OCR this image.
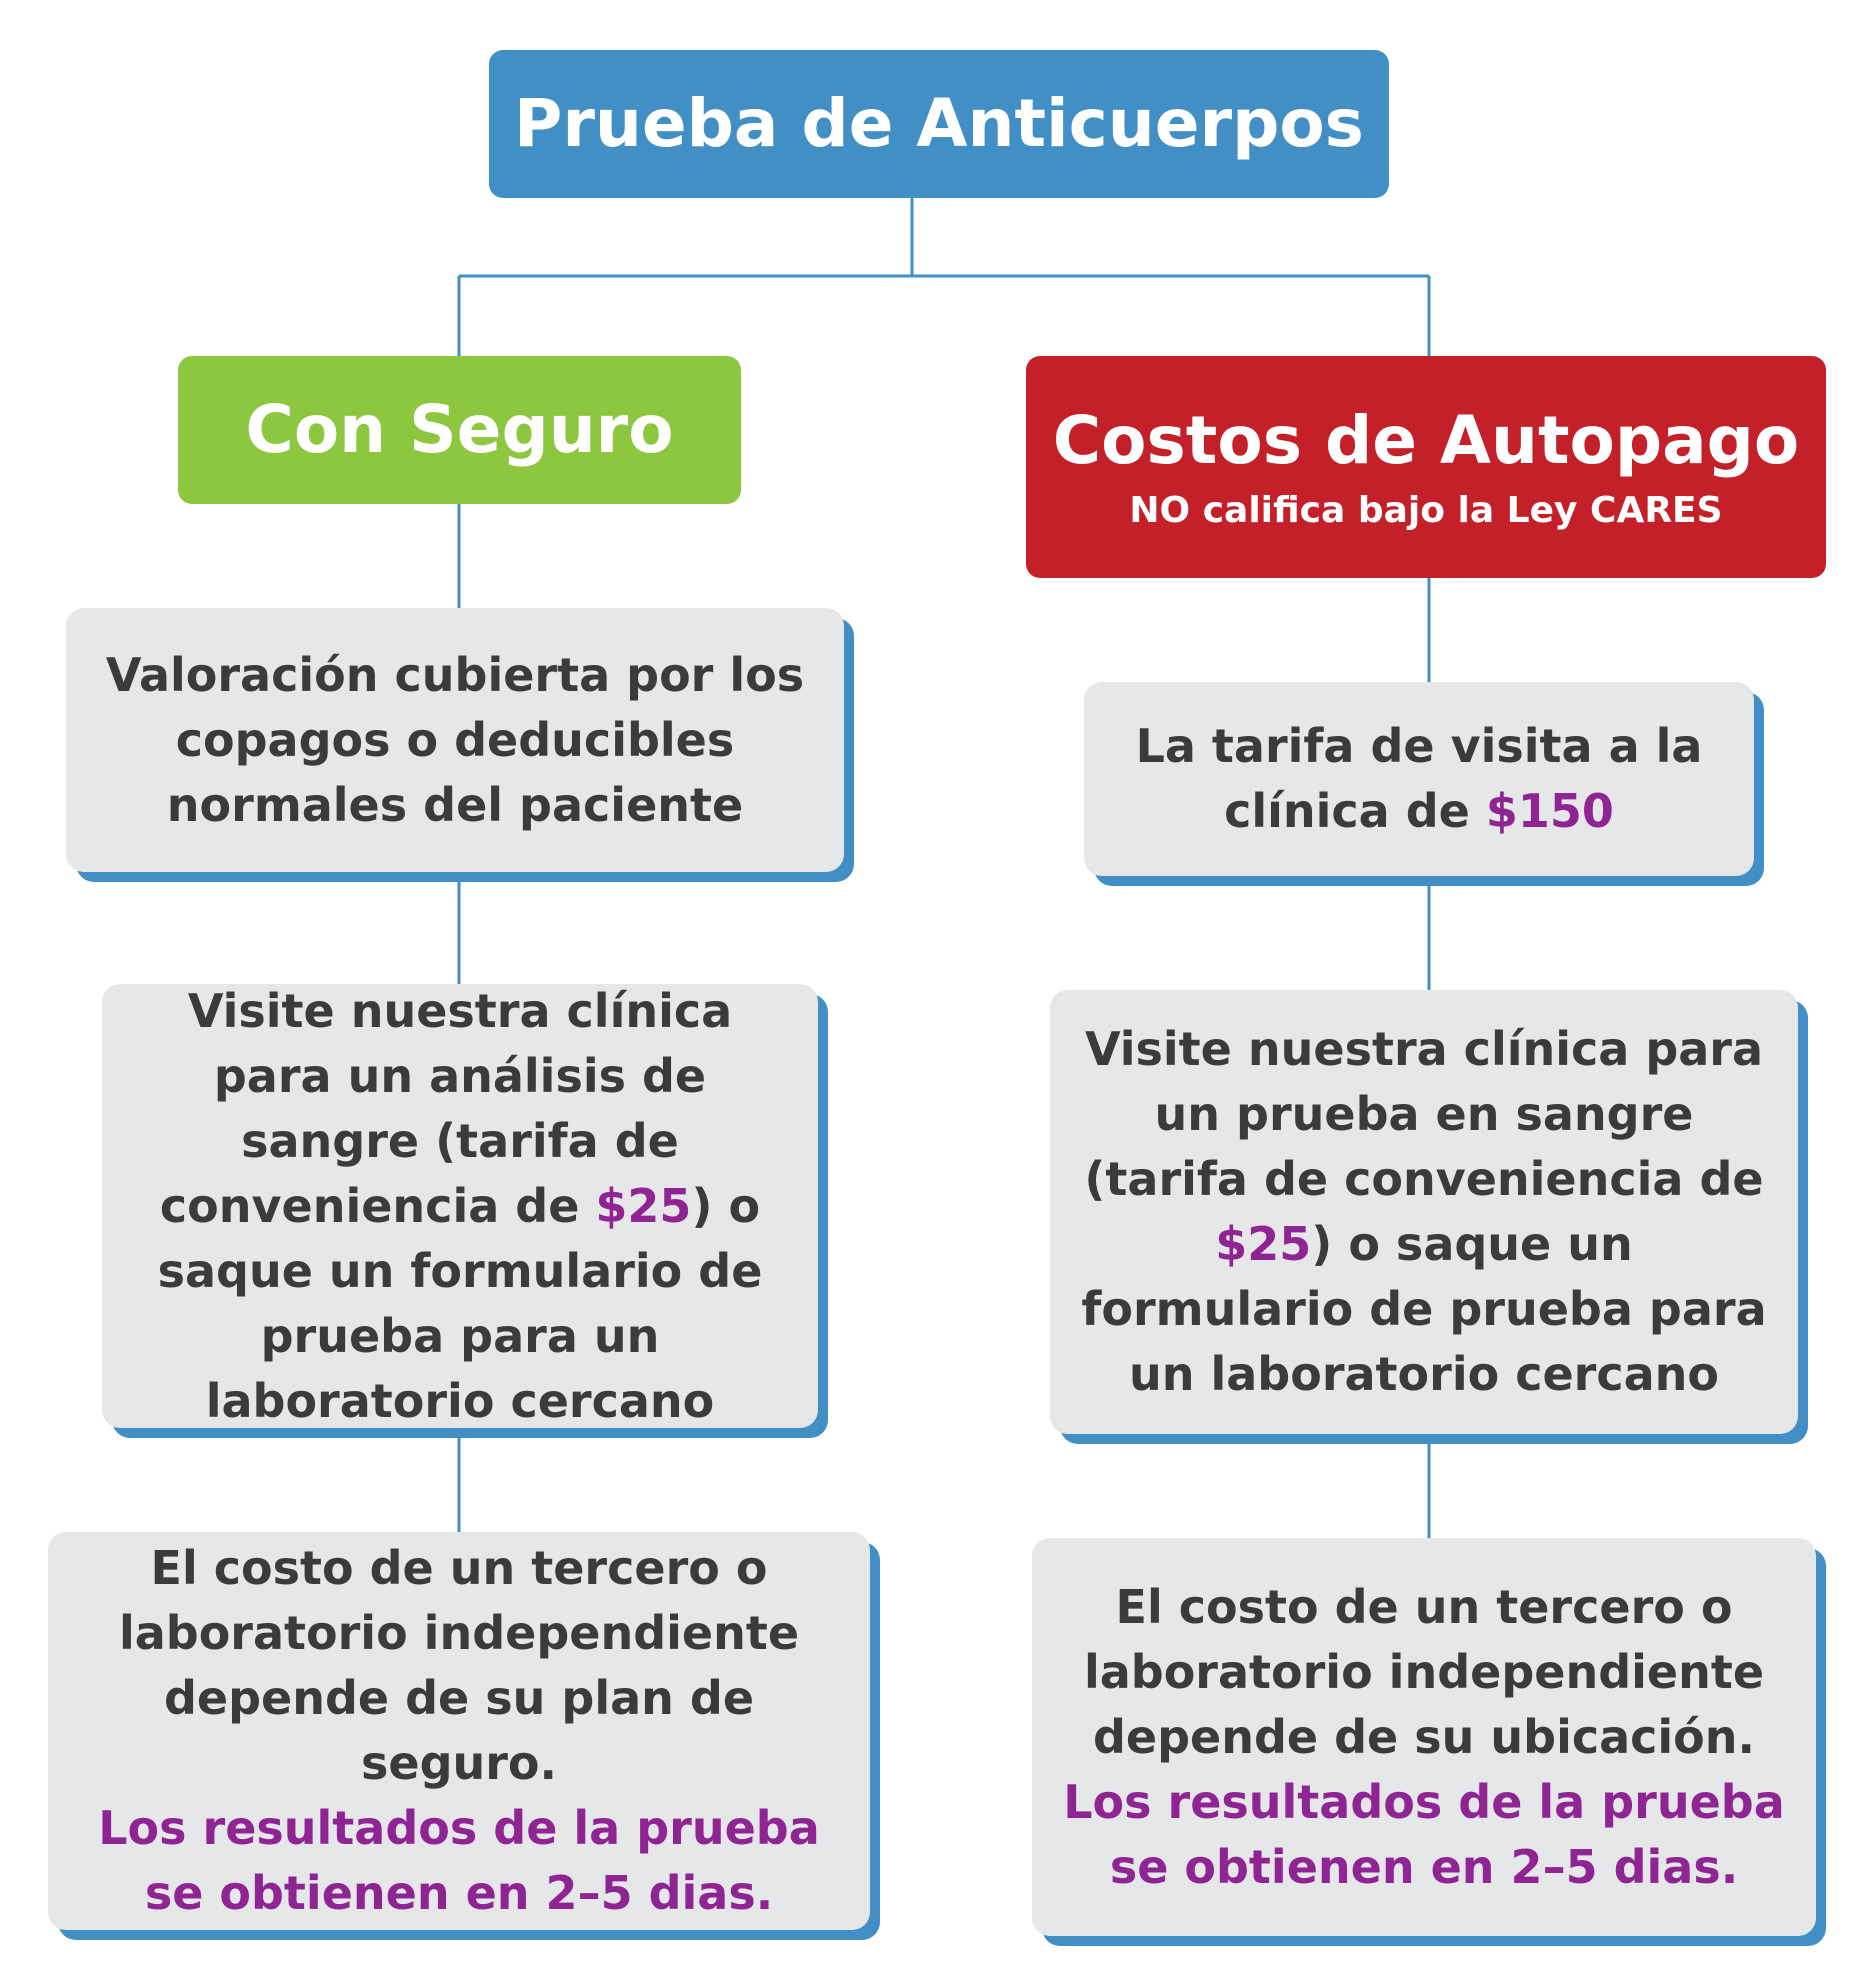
Prueba de Anticuerpos
Con Seguro	Costos de Autopago
NO califica bajo la Ley CARES
Valoración cubierta por los copagos o deducibles normales del paciente
Visite nuestra clínica para un análisis de sangre (tarifa de conveniencia de $25) o saque un formulario de prueba para un laboratorio cercano
El costo de un tercero o laboratorio independiente depende de su plan de seguro.
Los resultados de la prueba se obtienen en 2–5 dias.
La tarifa de visita a la clínica de $150
Visite nuestra clínica para un prueba en sangre (tarifa de conveniencia de $25) o saque un formulario de prueba para un laboratorio cercano
El costo de un tercero o laboratorio independiente depende de su ubicación.
Los resultados de la prueba se obtienen en 2–5 dias.
